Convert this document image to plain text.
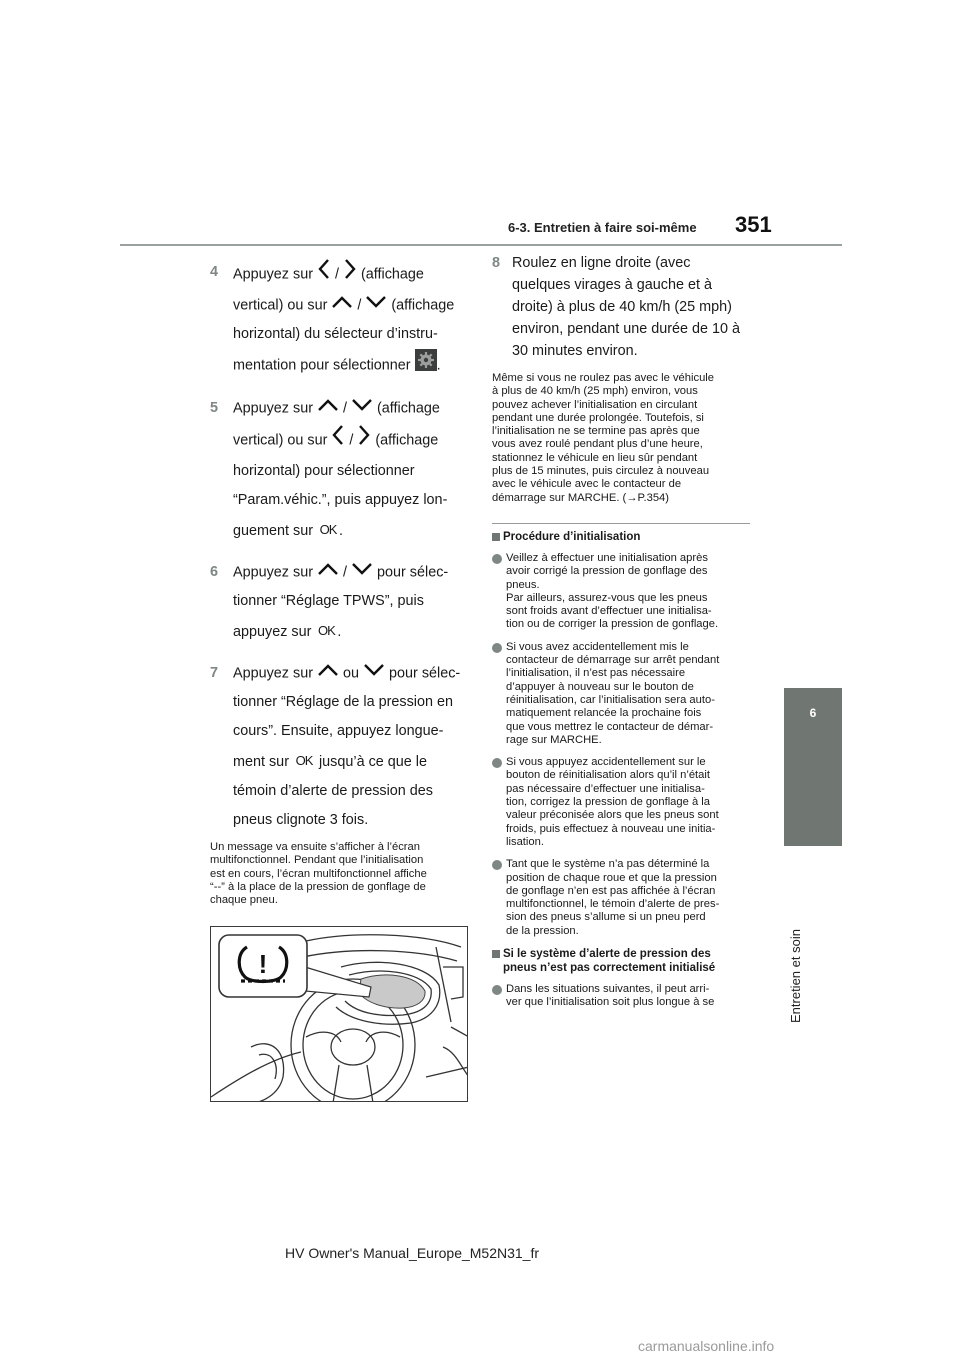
6-3. Entretien à faire soi-même 351
6
Entretien et soin
4 Appuyez sur  /  (affichage
vertical) ou sur  /  (affichage
horizontal) du sélecteur d’instru-
mentation pour sélectionner .
5 Appuyez sur  /  (affichage
vertical) ou sur  /  (affichage
horizontal) pour sélectionner
“Param.véhic.”, puis appuyez lon-
guement sur OK .
6 Appuyez sur  /  pour sélec-
tionner “Réglage TPWS”, puis
appuyez sur OK .
7 Appuyez sur  ou  pour sélec-
tionner “Réglage de la pression en
cours”. Ensuite, appuyez longue-
ment sur OK jusqu’à ce que le
témoin d’alerte de pression des
pneus clignote 3 fois.
Un message va ensuite s’afficher à l’écran
multifonctionnel. Pendant que l’initialisation
est en cours, l’écran multifonctionnel affiche
“--” à la place de la pression de gonflage de
chaque pneu.
!
8 Roulez en ligne droite (avec
quelques virages à gauche et à
droite) à plus de 40 km/h (25 mph)
environ, pendant une durée de 10 à
30 minutes environ.
Même si vous ne roulez pas avec le véhicule
à plus de 40 km/h (25 mph) environ, vous
pouvez achever l’initialisation en circulant
pendant une durée prolongée. Toutefois, si
l’initialisation ne se termine pas après que
vous avez roulé pendant plus d’une heure,
stationnez le véhicule en lieu sûr pendant
plus de 15 minutes, puis circulez à nouveau
avec le véhicule avec le contacteur de
démarrage sur MARCHE. (→P.354)
Procédure d’initialisation
Veillez à effectuer une initialisation après
avoir corrigé la pression de gonflage des
pneus.
Par ailleurs, assurez-vous que les pneus
sont froids avant d’effectuer une initialisa-
tion ou de corriger la pression de gonflage.
Si vous avez accidentellement mis le
contacteur de démarrage sur arrêt pendant
l’initialisation, il n’est pas nécessaire
d’appuyer à nouveau sur le bouton de
réinitialisation, car l’initialisation sera auto-
matiquement relancée la prochaine fois
que vous mettrez le contacteur de démar-
rage sur MARCHE.
Si vous appuyez accidentellement sur le
bouton de réinitialisation alors qu’il n’était
pas nécessaire d’effectuer une initialisa-
tion, corrigez la pression de gonflage à la
valeur préconisée alors que les pneus sont
froids, puis effectuez à nouveau une initia-
lisation.
Tant que le système n’a pas déterminé la
position de chaque roue et que la pression
de gonflage n’en est pas affichée à l’écran
multifonctionnel, le témoin d’alerte de pres-
sion des pneus s’allume si un pneu perd
de la pression.
Si le système d’alerte de pression des
pneus n’est pas correctement initialisé
Dans les situations suivantes, il peut arri-
ver que l’initialisation soit plus longue à se
HV Owner's Manual_Europe_M52N31_fr
carmanualsonline.info
